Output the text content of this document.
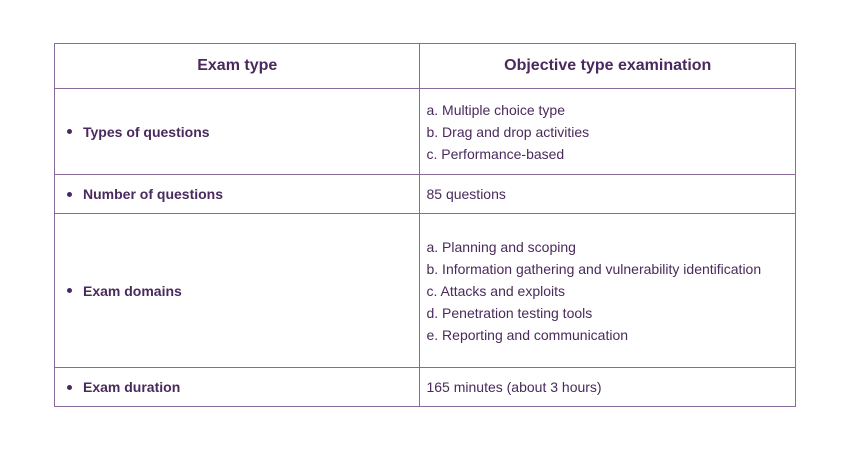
Exam type	Objective type examination
Types of questions	a. Multiple choice type
b. Drag and drop activities
c. Performance-based

Number of questions	85 questions

Exam domains	a. Planning and scoping
b. Information gathering and vulnerability identification
c. Attacks and exploits
d. Penetration testing tools
e. Reporting and communication

Exam duration	165 minutes (about 3 hours)
